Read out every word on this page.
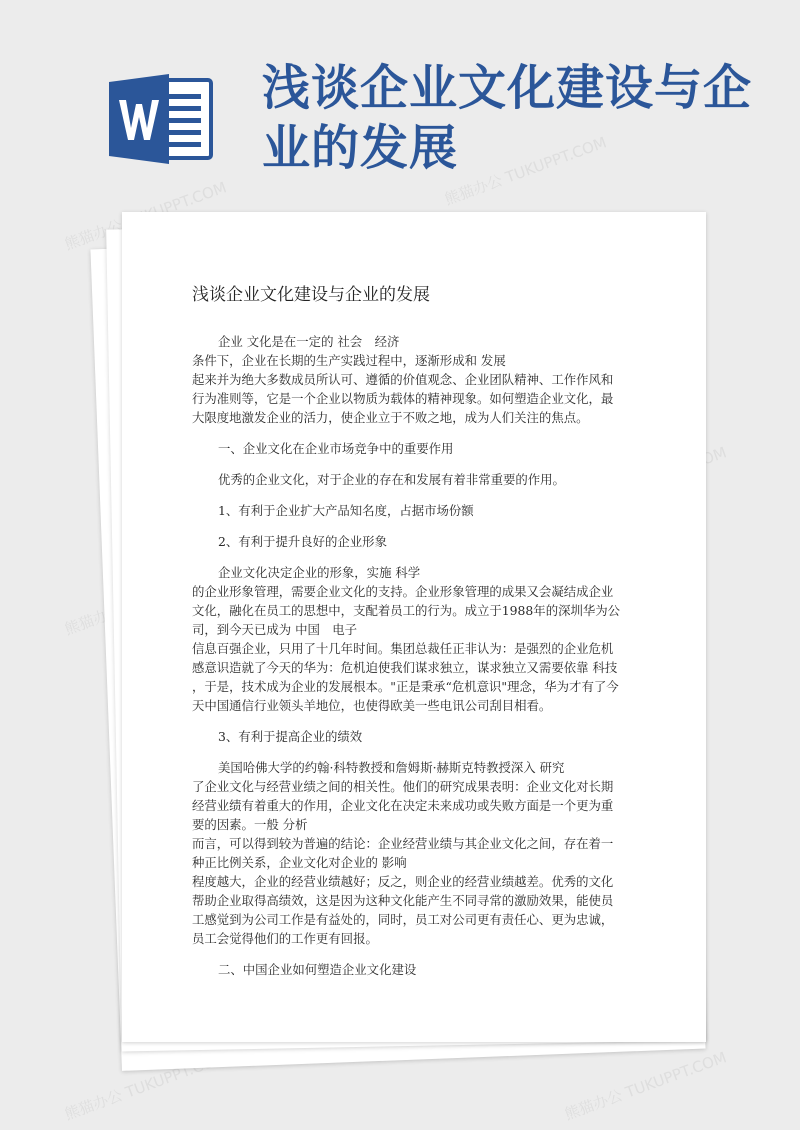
浅谈企业文化建设与企
业的发展
熊猫办公 TUKUPPT.COM	熊猫办公 TUKUPPT.COM
熊猫办公
熊猫办公 TUKUPPT.COM	熊猫办公 TUKUPPT.COM
浅谈企业文化建设与企业的发展
企业 文化是在一定的 社会　经济
条件下，企业在长期的生产实践过程中，逐渐形成和 发展
起来并为绝大多数成员所认可、遵循的价值观念、企业团队精神、工作作风和
行为准则等，它是一个企业以物质为载体的精神现象。如何塑造企业文化，最
大限度地激发企业的活力，使企业立于不败之地，成为人们关注的焦点。
一、企业文化在企业市场竞争中的重要作用
优秀的企业文化，对于企业的存在和发展有着非常重要的作用。
1、有利于企业扩大产品知名度，占据市场份额
2、有利于提升良好的企业形象
企业文化决定企业的形象，实施 科学
的企业形象管理，需要企业文化的支持。企业形象管理的成果又会凝结成企业
文化，融化在员工的思想中，支配着员工的行为。成立于1988年的深圳华为公
司，到今天已成为 中国　电子
信息百强企业，只用了十几年时间。集团总裁任正非认为：是强烈的企业危机
感意识造就了今天的华为：危机迫使我们谋求独立，谋求独立又需要依靠 科技
，于是，技术成为企业的发展根本。"正是秉承“危机意识"理念，华为才有了今
天中国通信行业领头羊地位，也使得欧美一些电讯公司刮目相看。
3、有利于提高企业的绩效
美国哈佛大学的约翰·科特教授和詹姆斯·赫斯克特教授深入 研究
了企业文化与经营业绩之间的相关性。他们的研究成果表明：企业文化对长期
经营业绩有着重大的作用，企业文化在决定未来成功或失败方面是一个更为重
要的因素。一般 分析
而言，可以得到较为普遍的结论：企业经营业绩与其企业文化之间，存在着一
种正比例关系，企业文化对企业的 影响
程度越大，企业的经营业绩越好；反之，则企业的经营业绩越差。优秀的文化
帮助企业取得高绩效，这是因为这种文化能产生不同寻常的激励效果，能使员
工感觉到为公司工作是有益处的，同时，员工对公司更有责任心、更为忠诚，
员工会觉得他们的工作更有回报。
二、中国企业如何塑造企业文化建设
